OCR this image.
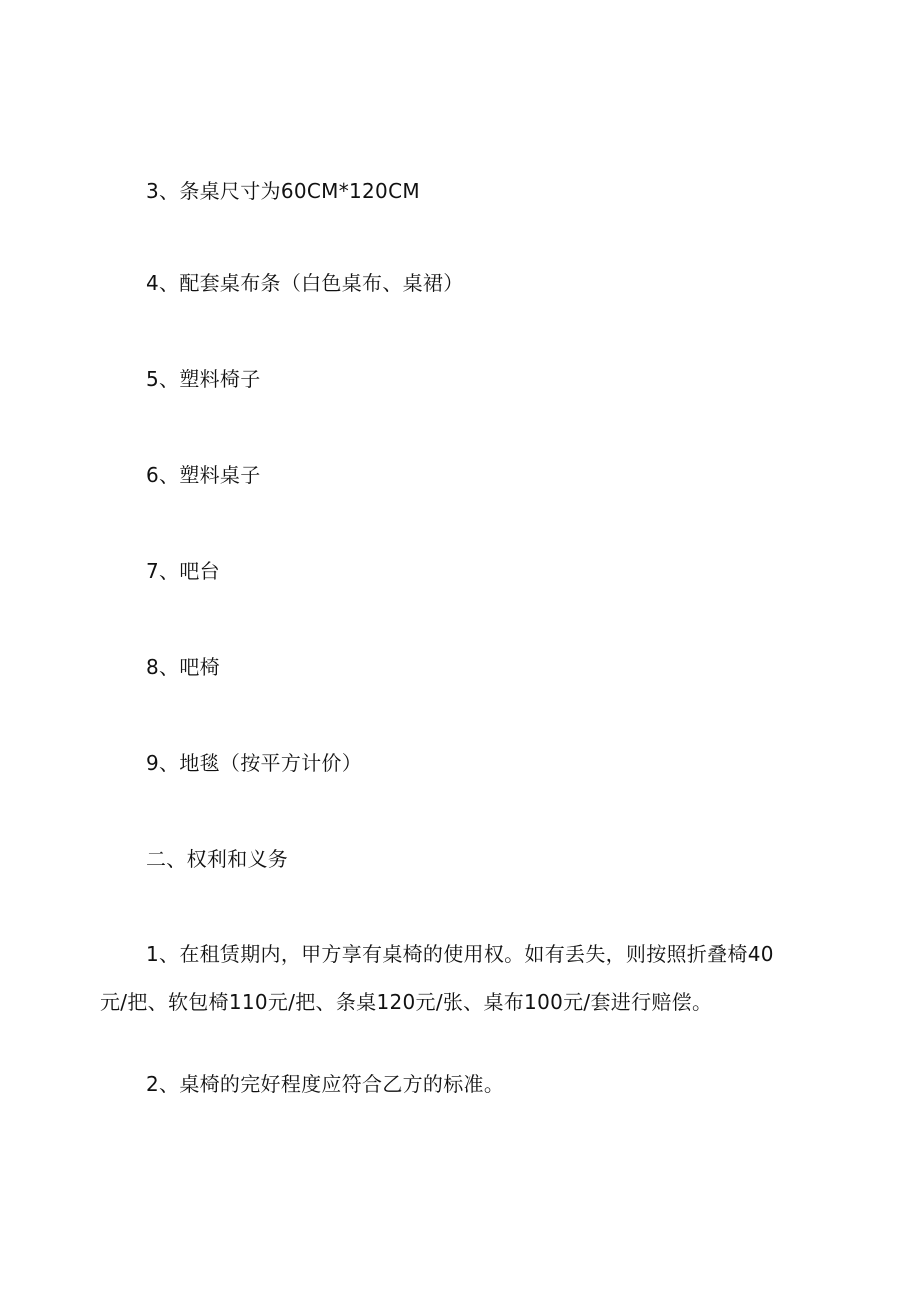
3、条桌尺寸为60CM*120CM
4、配套桌布条（白色桌布、桌裙）
5、塑料椅子
6、塑料桌子
7、吧台
8、吧椅
9、地毯（按平方计价）
二、权利和义务
1、在租赁期内，甲方享有桌椅的使用权。如有丢失，则按照折叠椅40
元/把、软包椅110元/把、条桌120元/张、桌布100元/套进行赔偿。
2、桌椅的完好程度应符合乙方的标准。
